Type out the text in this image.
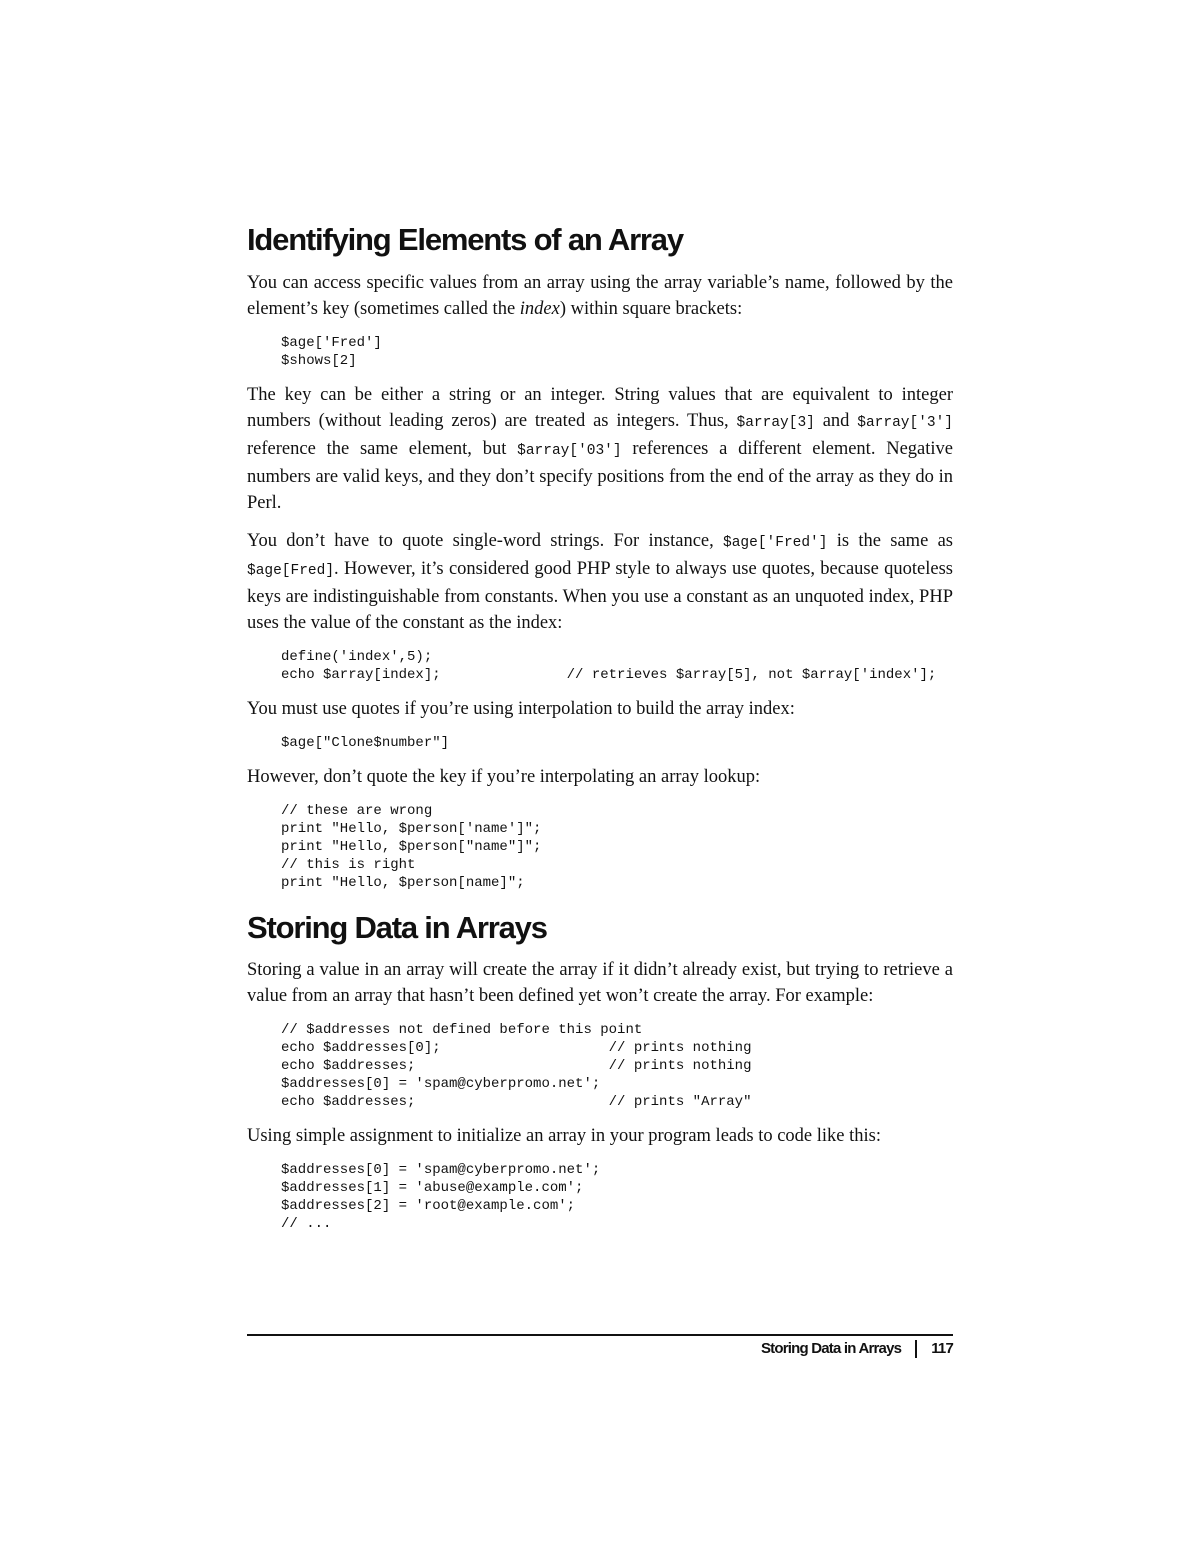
Identifying Elements of an Array

You can access specific values from an array using the array variable’s name, followed by the element’s key (sometimes called the index) within square brackets:

$age['Fred']
$shows[2]

The key can be either a string or an integer. String values that are equivalent to integer numbers (without leading zeros) are treated as integers. Thus, $array[3] and $array['3'] reference the same element, but $array['03'] references a different element. Negative numbers are valid keys, and they don’t specify positions from the end of the array as they do in Perl.

You don’t have to quote single-word strings. For instance, $age['Fred'] is the same as $age[Fred]. However, it’s considered good PHP style to always use quotes, because quoteless keys are indistinguishable from constants. When you use a constant as an unquoted index, PHP uses the value of the constant as the index:

define('index',5);
echo $array[index];               // retrieves $array[5], not $array['index'];

You must use quotes if you’re using interpolation to build the array index:

$age["Clone$number"]

However, don’t quote the key if you’re interpolating an array lookup:

// these are wrong
print "Hello, $person['name']";
print "Hello, $person["name"]";
// this is right
print "Hello, $person[name]";
Storing Data in Arrays

Storing a value in an array will create the array if it didn’t already exist, but trying to retrieve a value from an array that hasn’t been defined yet won’t create the array. For example:

// $addresses not defined before this point
echo $addresses[0];                    // prints nothing
echo $addresses;                       // prints nothing
$addresses[0] = 'spam@cyberpromo.net';
echo $addresses;                       // prints "Array"

Using simple assignment to initialize an array in your program leads to code like this:

$addresses[0] = 'spam@cyberpromo.net';
$addresses[1] = 'abuse@example.com';
$addresses[2] = 'root@example.com';
// ...
Storing Data in Arrays 117
